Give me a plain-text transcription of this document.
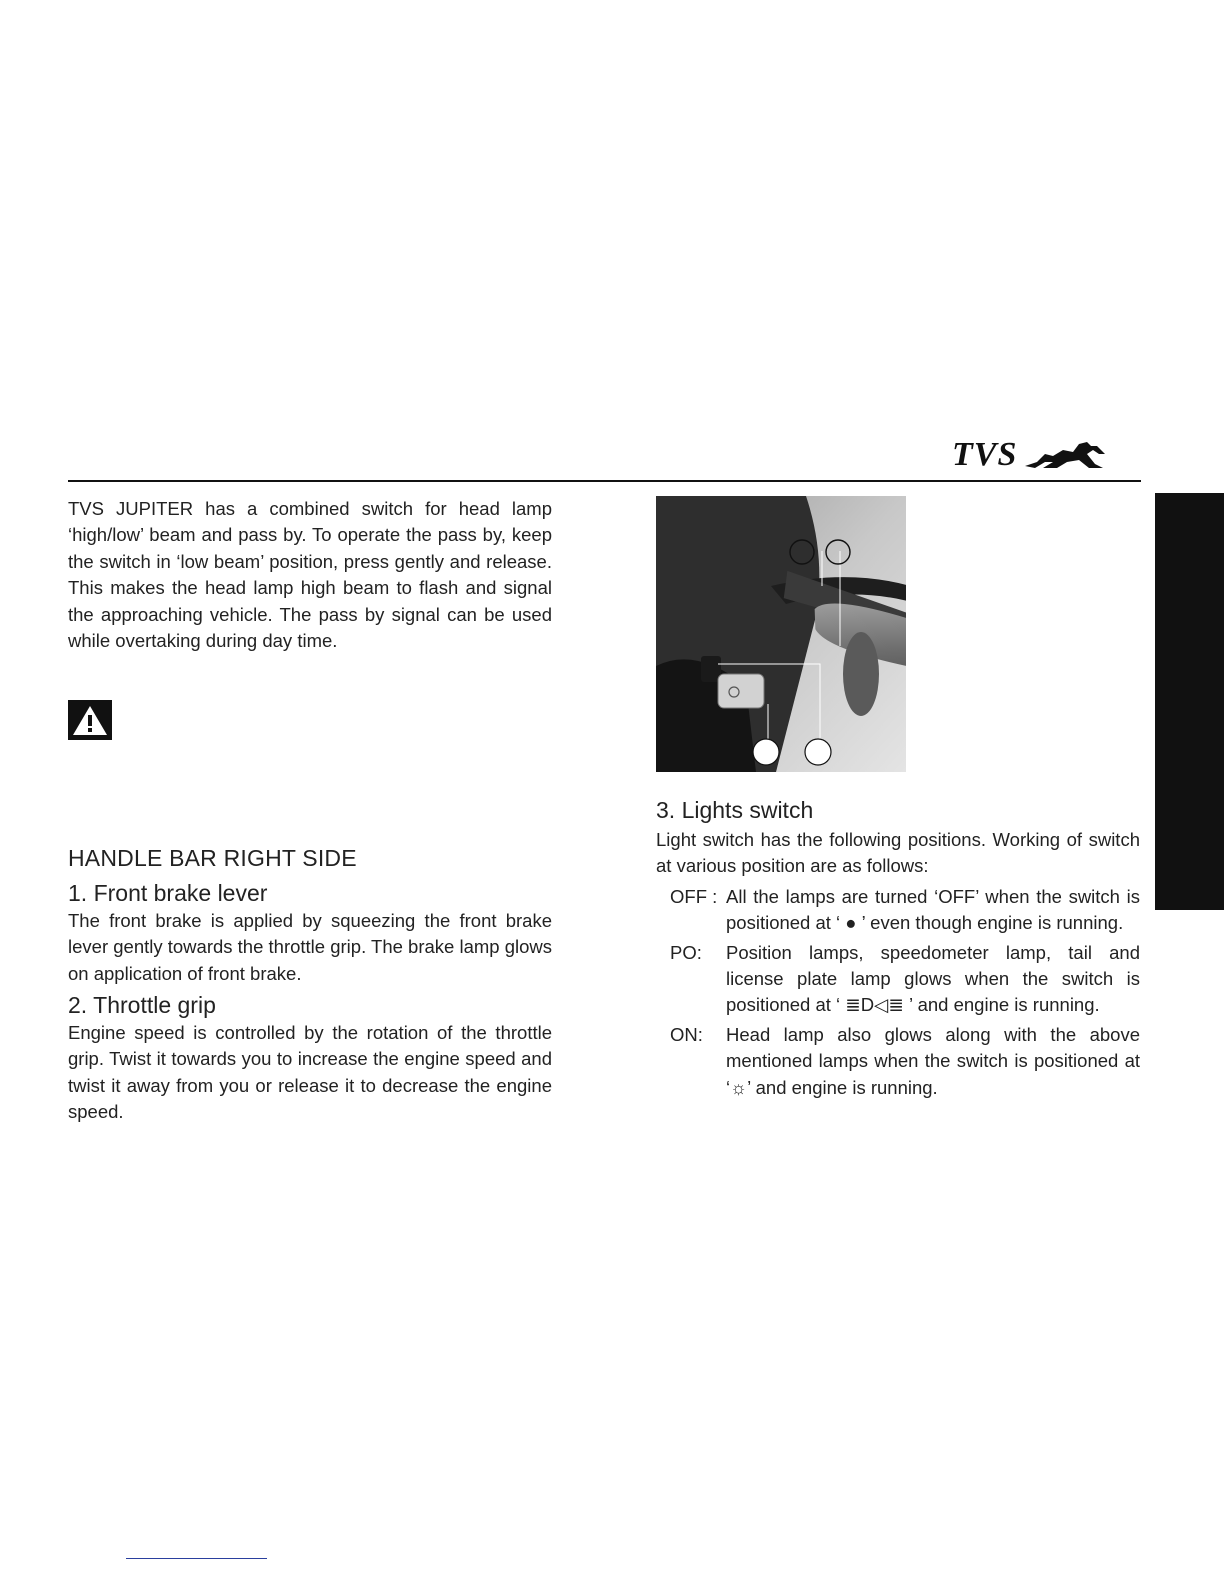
TVS

TVS JUPITER has a combined switch for head lamp ‘high/low’ beam and pass by. To operate the pass by, keep the switch in ‘low beam’ position, press gently and release. This makes the head lamp high beam to flash and signal the approaching vehicle. The pass by signal can be used while overtaking during day time.

HANDLE BAR RIGHT SIDE

1. Front brake lever

The front brake is applied by squeezing the front brake lever gently towards the throttle grip. The brake lamp glows on application of front brake.

2. Throttle grip

Engine speed is controlled by the rotation of the throttle grip. Twist it towards you to increase the engine speed and twist it away from you or release it to decrease the engine speed.

3. Lights switch

Light switch has the following positions. Working of switch at various position are as follows:

OFF : All the lamps are turned ‘OFF’ when the switch is positioned at ‘ ● ’ even though engine is running.
PO:	Position lamps, speedometer lamp, tail and license plate lamp glows when the switch is positioned at ‘ ≣D◁≣ ’ and engine is running.
ON:	Head lamp also glows along with the above mentioned lamps when the switch is positioned at ‘☼’ and engine is running.
